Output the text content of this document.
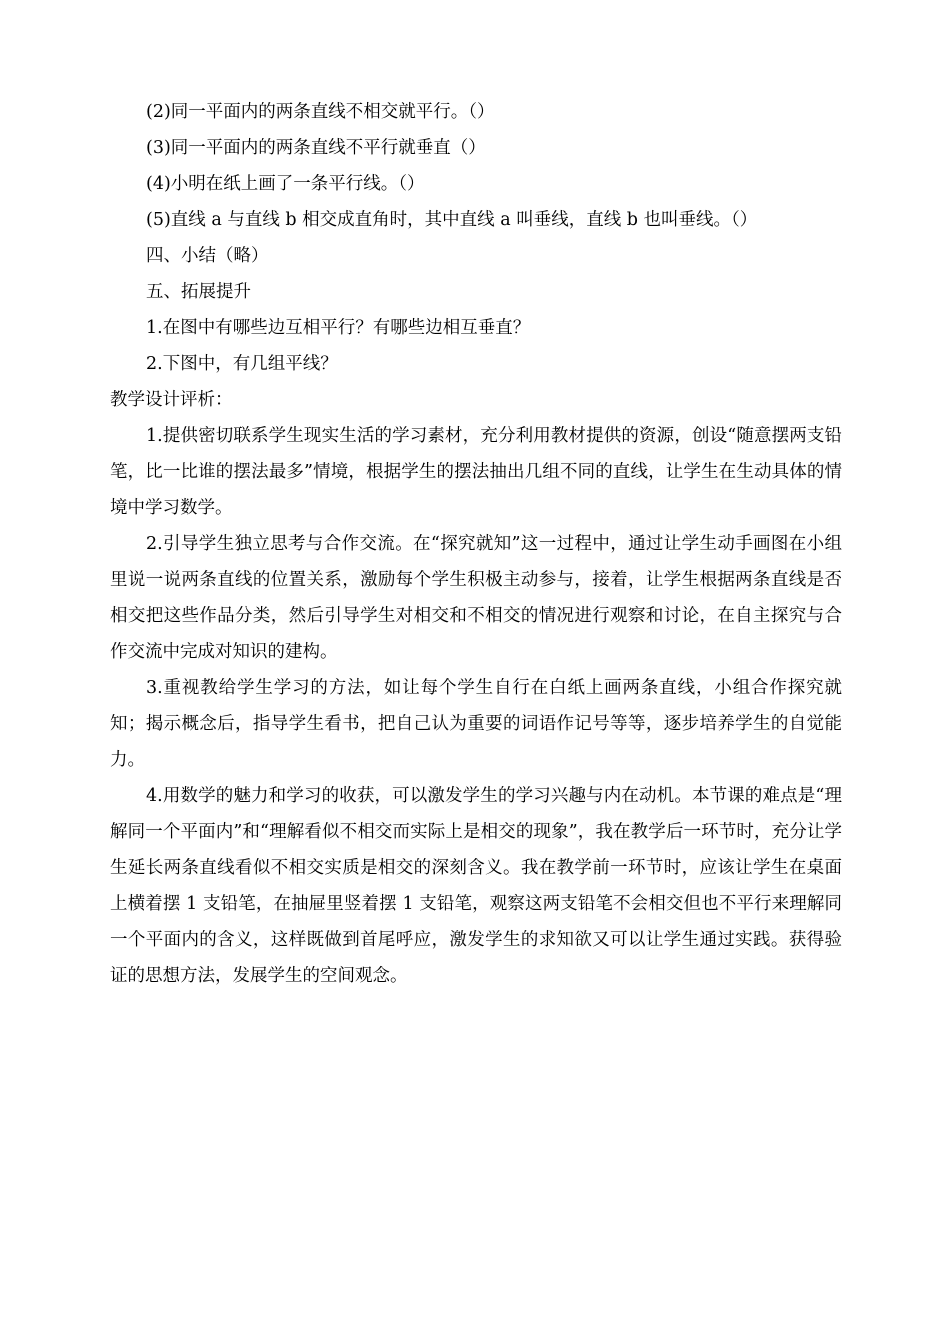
(2)同一平面内的两条直线不相交就平行。（）

(3)同一平面内的两条直线不平行就垂直（）

(4)小明在纸上画了一条平行线。（）

(5)直线 a 与直线 b 相交成直角时，其中直线 a 叫垂线，直线 b 也叫垂线。（）

四、小结（略）

五、拓展提升

1.在图中有哪些边互相平行？有哪些边相互垂直？

2.下图中，有几组平线？

教学设计评析：

1.提供密切联系学生现实生活的学习素材，充分利用教材提供的资源，创设“随意摆两支铅笔，比一比谁的摆法最多”情境，根据学生的摆法抽出几组不同的直线，让学生在生动具体的情境中学习数学。

2.引导学生独立思考与合作交流。在“探究就知”这一过程中，通过让学生动手画图在小组里说一说两条直线的位置关系，激励每个学生积极主动参与，接着，让学生根据两条直线是否相交把这些作品分类，然后引导学生对相交和不相交的情况进行观察和讨论，在自主探究与合作交流中完成对知识的建构。

3.重视教给学生学习的方法，如让每个学生自行在白纸上画两条直线，小组合作探究就知；揭示概念后，指导学生看书，把自己认为重要的词语作记号等等，逐步培养学生的自觉能力。

4.用数学的魅力和学习的收获，可以激发学生的学习兴趣与内在动机。本节课的难点是“理解同一个平面内”和“理解看似不相交而实际上是相交的现象”，我在教学后一环节时，充分让学生延长两条直线看似不相交实质是相交的深刻含义。我在教学前一环节时，应该让学生在桌面上横着摆 1 支铅笔，在抽屉里竖着摆 1 支铅笔，观察这两支铅笔不会相交但也不平行来理解同一个平面内的含义，这样既做到首尾呼应，激发学生的求知欲又可以让学生通过实践。获得验证的思想方法，发展学生的空间观念。
